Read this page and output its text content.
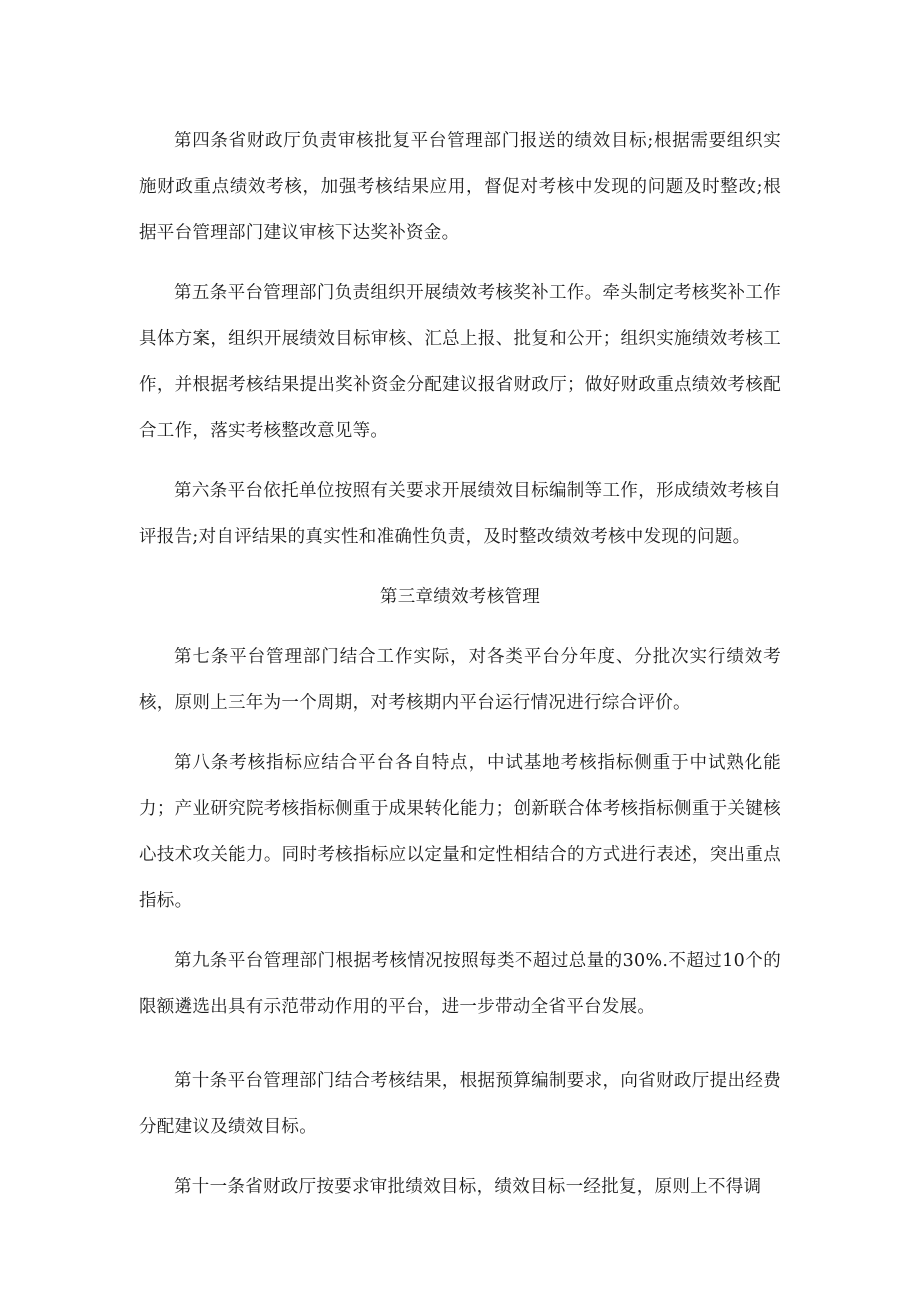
第四条省财政厅负责审核批复平台管理部门报送的绩效目标;根据需要组织实施财政重点绩效考核，加强考核结果应用，督促对考核中发现的问题及时整改;根据平台管理部门建议审核下达奖补资金。

第五条平台管理部门负责组织开展绩效考核奖补工作。牵头制定考核奖补工作具体方案，组织开展绩效目标审核、汇总上报、批复和公开；组织实施绩效考核工作，并根据考核结果提出奖补资金分配建议报省财政厅；做好财政重点绩效考核配合工作，落实考核整改意见等。

第六条平台依托单位按照有关要求开展绩效目标编制等工作，形成绩效考核自评报告;对自评结果的真实性和准确性负责，及时整改绩效考核中发现的问题。

第三章绩效考核管理

第七条平台管理部门结合工作实际，对各类平台分年度、分批次实行绩效考核，原则上三年为一个周期，对考核期内平台运行情况进行综合评价。

第八条考核指标应结合平台各自特点，中试基地考核指标侧重于中试熟化能力；产业研究院考核指标侧重于成果转化能力；创新联合体考核指标侧重于关键核心技术攻关能力。同时考核指标应以定量和定性相结合的方式进行表述，突出重点指标。

第九条平台管理部门根据考核情况按照每类不超过总量的30%.不超过10个的限额遴选出具有示范带动作用的平台，进一步带动全省平台发展。

第十条平台管理部门结合考核结果，根据预算编制要求，向省财政厅提出经费分配建议及绩效目标。

第十一条省财政厅按要求审批绩效目标，绩效目标一经批复，原则上不得调
